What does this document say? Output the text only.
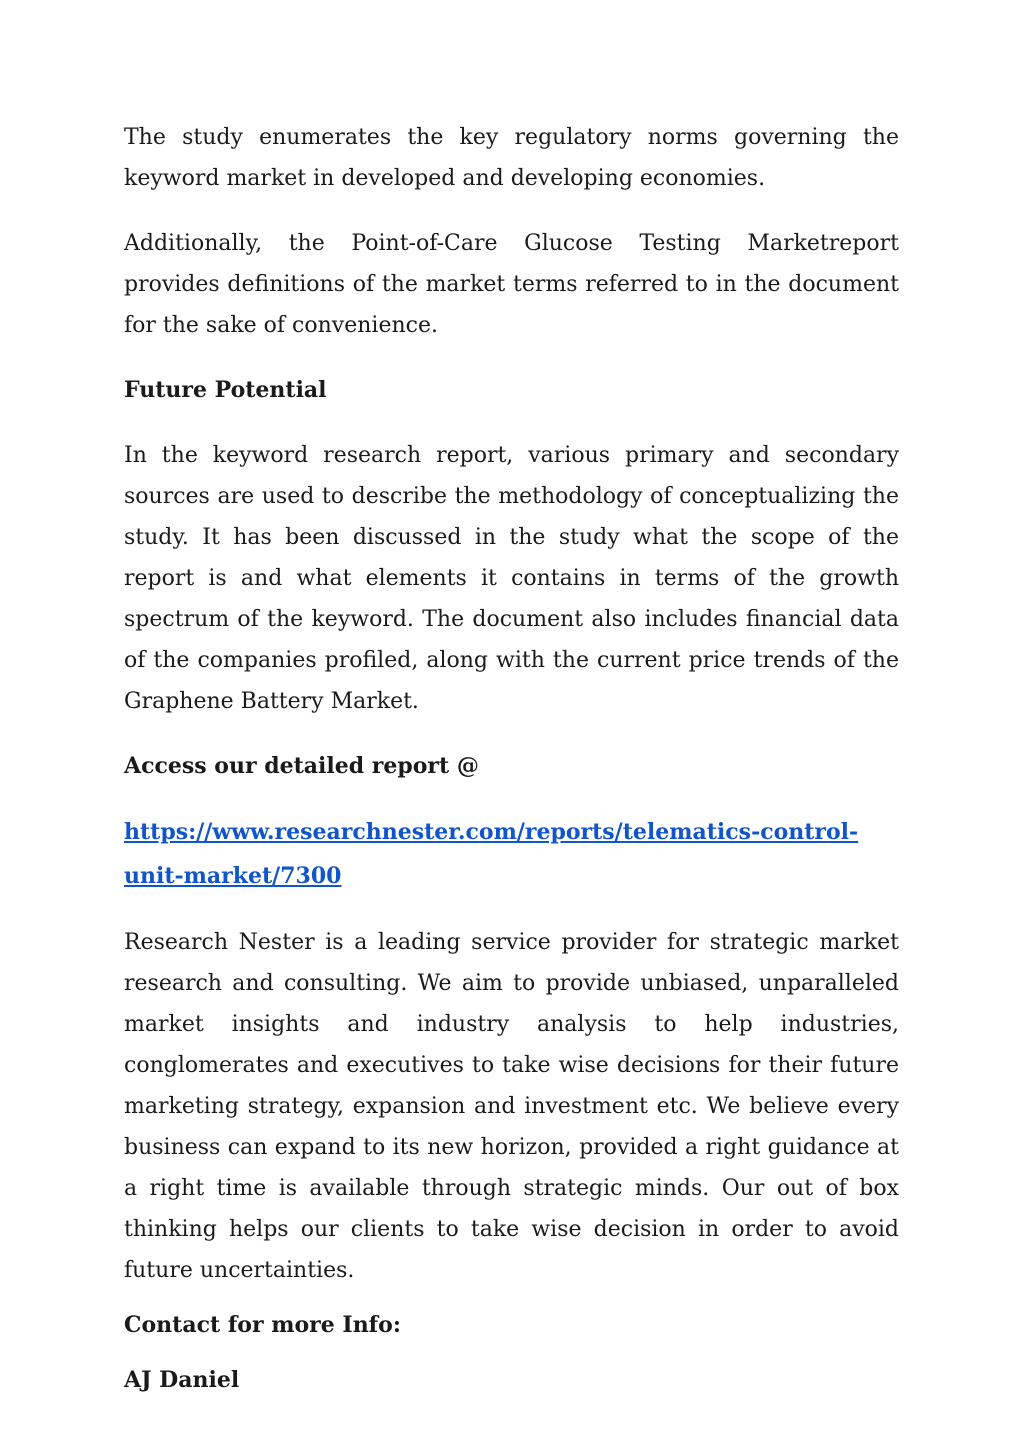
The study enumerates the key regulatory norms governing the keyword market in developed and developing economies.

Additionally, the Point-of-Care Glucose Testing Marketreport provides definitions of the market terms referred to in the document for the sake of convenience.

Future Potential

In the keyword research report, various primary and secondary sources are used to describe the methodology of conceptualizing the study. It has been discussed in the study what the scope of the report is and what elements it contains in terms of the growth spectrum of the keyword. The document also includes financial data of the companies profiled, along with the current price trends of the Graphene Battery Market.

Access our detailed report @

https://www.researchnester.com/reports/telematics-control-unit-market/7300

Research Nester is a leading service provider for strategic market research and consulting. We aim to provide unbiased, unparalleled market insights and industry analysis to help industries, conglomerates and executives to take wise decisions for their future marketing strategy, expansion and investment etc. We believe every business can expand to its new horizon, provided a right guidance at a right time is available through strategic minds. Our out of box thinking helps our clients to take wise decision in order to avoid future uncertainties.

Contact for more Info:

AJ Daniel
